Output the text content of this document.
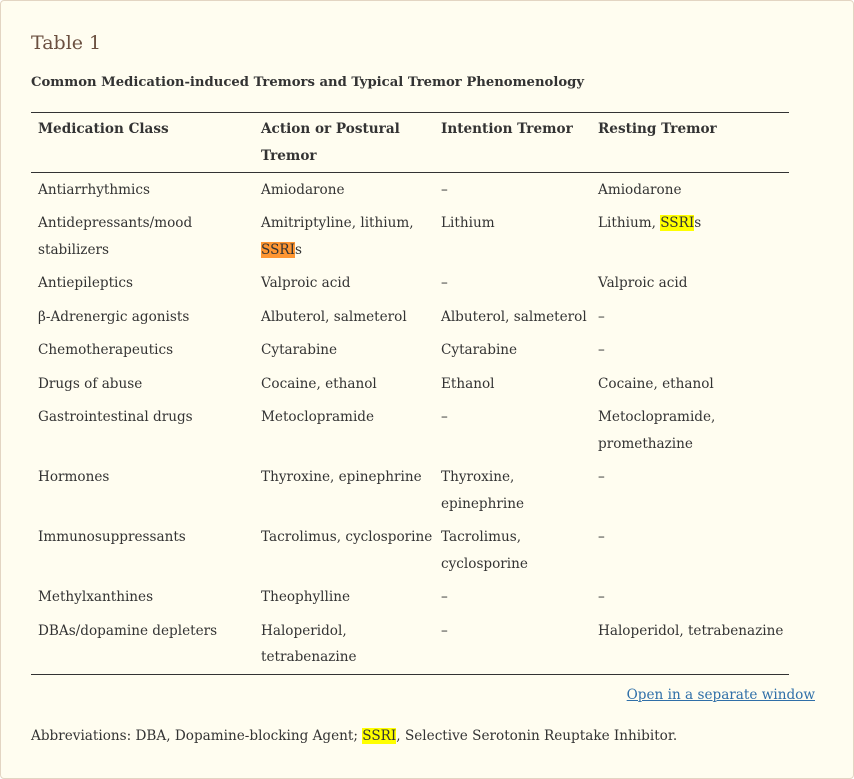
Table 1
Common Medication-induced Tremors and Typical Tremor Phenomenology
Medication Class	Action or Postural Tremor	Intention Tremor	Resting Tremor
Antiarrhythmics	Amiodarone	–	Amiodarone
Antidepressants/mood stabilizers	Amitriptyline, lithium, SSRIs	Lithium	Lithium, SSRIs
Antiepileptics	Valproic acid	–	Valproic acid
β-Adrenergic agonists	Albuterol, salmeterol	Albuterol, salmeterol	–
Chemotherapeutics	Cytarabine	Cytarabine	–
Drugs of abuse	Cocaine, ethanol	Ethanol	Cocaine, ethanol
Gastrointestinal drugs	Metoclopramide	–	Metoclopramide, promethazine
Hormones	Thyroxine, epinephrine	Thyroxine, epinephrine	–
Immunosuppressants	Tacrolimus, cyclosporine	Tacrolimus, cyclosporine	–
Methylxanthines	Theophylline	–	–
DBAs/dopamine depleters	Haloperidol, tetrabenazine	–	Haloperidol, tetrabenazine
Open in a separate window
Abbreviations: DBA, Dopamine-blocking Agent; SSRI, Selective Serotonin Reuptake Inhibitor.
